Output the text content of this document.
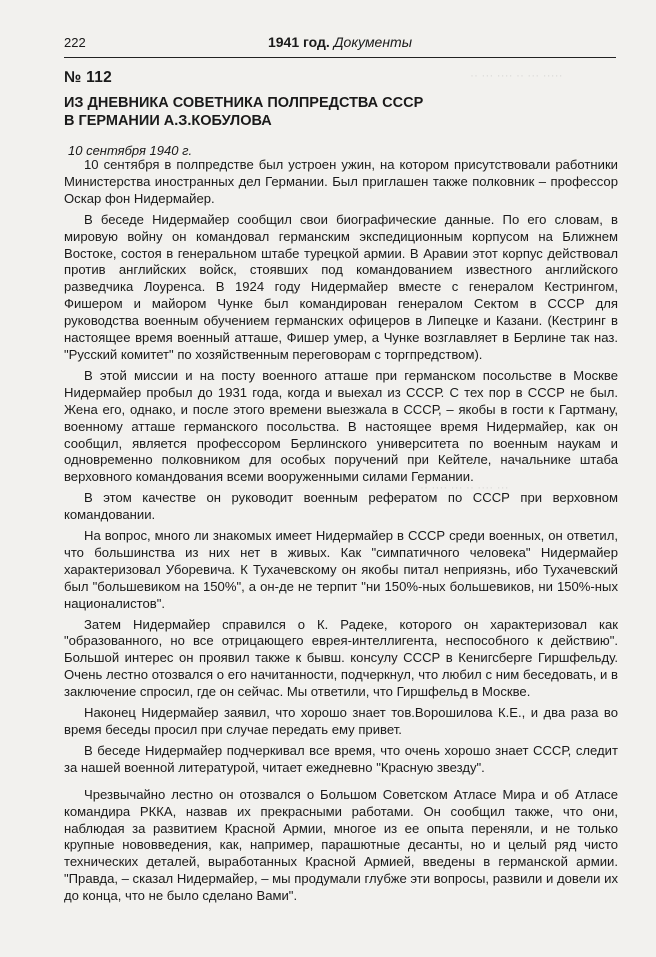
·· ··· ···· ·· ··· ·····
·· ···· ··· ·· ···· ···
222	1941 год. Документы
№ 112
ИЗ ДНЕВНИКА СОВЕТНИКА ПОЛПРЕДСТВА СССР
В ГЕРМАНИИ А.З.КОБУЛОВА
10 сентября 1940 г.

10 сентября в полпредстве был устроен ужин, на котором присутствовали работники Министерства иностранных дел Германии. Был приглашен также полковник – профессор Оскар фон Нидермайер.

В беседе Нидермайер сообщил свои биографические данные. По его словам, в мировую войну он командовал германским экспедиционным корпусом на Ближнем Востоке, состоя в генеральном штабе турецкой армии. В Аравии этот корпус действовал против английских войск, стоявших под командованием известного английского разведчика Лоуренса. В 1924 году Нидермайер вместе с генералом Кестрингом, Фишером и майором Чунке был командирован генералом Сектом в СССР для руководства военным обучением германских офицеров в Липецке и Казани. (Кестринг в настоящее время военный атташе, Фишер умер, а Чунке возглавляет в Берлине так наз. "Русский комитет" по хозяйственным переговорам с торгпредством).

В этой миссии и на посту военного атташе при германском посольстве в Москве Нидермайер пробыл до 1931 года, когда и выехал из СССР. С тех пор в СССР не был. Жена его, однако, и после этого времени выезжала в СССР, – якобы в гости к Гартману, военному атташе германского посольства. В настоящее время Нидермайер, как он сообщил, является профессором Берлинского университета по военным наукам и одновременно полковником для особых поручений при Кейтеле, начальнике штаба верховного командования всеми вооруженными силами Германии.

В этом качестве он руководит военным рефератом по СССР при верховном командовании.

На вопрос, много ли знакомых имеет Нидермайер в СССР среди военных, он ответил, что большинства из них нет в живых. Как "симпатичного человека" Нидермайер характеризовал Уборевича. К Тухачевскому он якобы питал неприязнь, ибо Тухачевский был "большевиком на 150%", а он-де не терпит "ни 150%-ных большевиков, ни 150%-ных националистов".

Затем Нидермайер справился о К. Радеке, которого он характеризовал как "образованного, но все отрицающего еврея-интеллигента, неспособного к действию". Большой интерес он проявил также к бывш. консулу СССР в Кенигсберге Гиршфельду. Очень лестно отозвался о его начитанности, подчеркнул, что любил с ним беседовать, и в заключение спросил, где он сейчас. Мы ответили, что Гиршфельд в Москве.

Наконец Нидермайер заявил, что хорошо знает тов.Ворошилова К.Е., и два раза во время беседы просил при случае передать ему привет.

В беседе Нидермайер подчеркивал все время, что очень хорошо знает СССР, следит за нашей военной литературой, читает ежедневно "Красную звезду".

Чрезвычайно лестно он отозвался о Большом Советском Атласе Мира и об Атласе командира РККА, назвав их прекрасными работами. Он сообщил также, что они, наблюдая за развитием Красной Армии, многое из ее опыта переняли, и не только крупные нововведения, как, например, парашютные десанты, но и целый ряд чисто технических деталей, выработанных Красной Армией, введены в германской армии. "Правда, – сказал Нидермайер, – мы продумали глубже эти вопросы, развили и довели их до конца, что не было сделано Вами".
